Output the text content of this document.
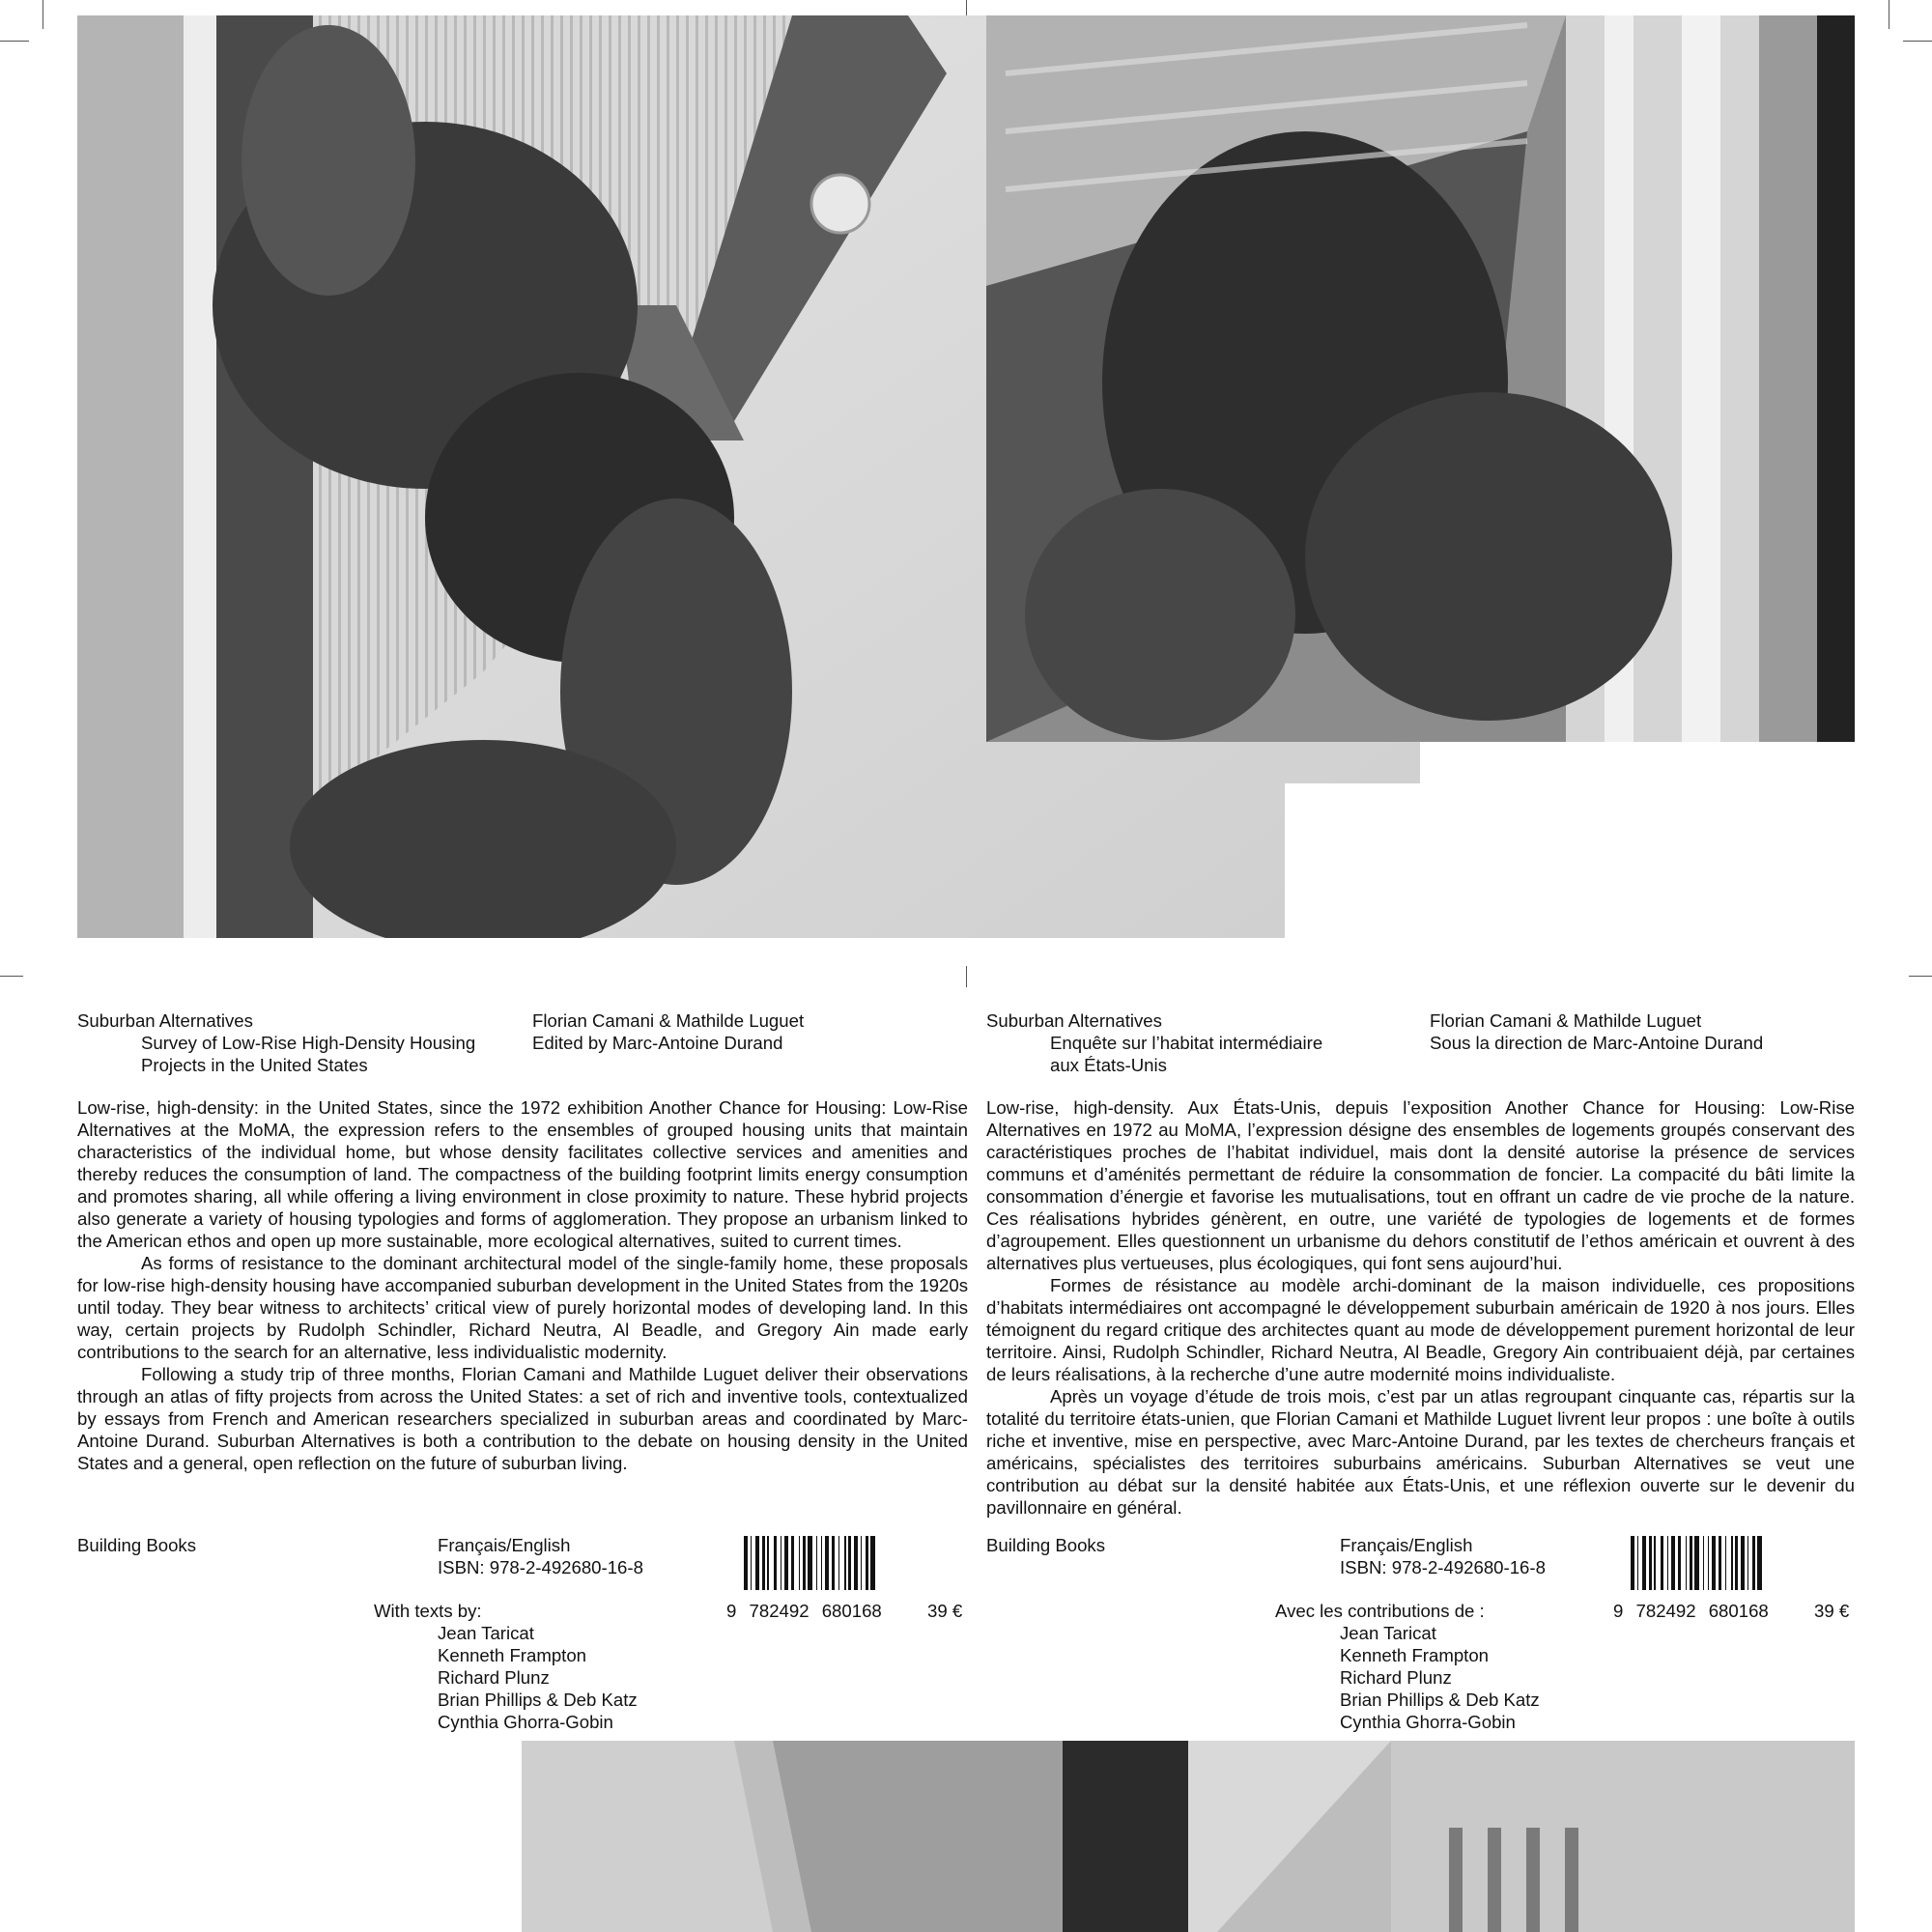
Suburban Alternatives
Survey of Low-Rise High-Density Housing
Projects in the United States
Florian Camani & Mathilde Luguet
Edited by Marc-Antoine Durand

Low-rise, high-density: in the United States, since the 1972 exhibition Another Chance for Housing: Low-Rise Alternatives at the MoMA, the expression refers to the ensembles of grouped housing units that maintain characteristics of the individual home, but whose density facilitates collective services and amenities and thereby reduces the consumption of land. The compactness of the building footprint limits energy consumption and promotes sharing, all while offering a living environment in close proximity to nature. These hybrid projects also generate a variety of housing typologies and forms of agglomeration. They propose an urbanism linked to the American ethos and open up more sustainable, more ecological alternatives, suited to current times.

As forms of resistance to the dominant architectural model of the single-family home, these proposals for low-rise high-density housing have accompanied suburban development in the United States from the 1920s until today. They bear witness to architects’ critical view of purely horizontal modes of developing land. In this way, certain projects by Rudolph Schindler, Richard Neutra, Al Beadle, and Gregory Ain made early contributions to the search for an alternative, less individualistic modernity.

Following a study trip of three months, Florian Camani and Mathilde Luguet deliver their observations through an atlas of fifty projects from across the United States: a set of rich and inventive tools, contextualized by essays from French and American researchers specialized in suburban areas and coordinated by Marc-Antoine Durand. Suburban Alternatives is both a contribution to the debate on housing density in the United States and a general, open reflection on the future of suburban living.

Building Books	Français/English
ISBN: 978-2-492680-16-8
With texts by:
Jean Taricat
Kenneth Frampton
Richard Plunz
Brian Phillips & Deb Katz
Cynthia Ghorra-Gobin
9 782492 680168	39 €
Suburban Alternatives
Enquête sur l’habitat intermédiaire
aux États-Unis
Florian Camani & Mathilde Luguet
Sous la direction de Marc-Antoine Durand

Low-rise, high-density. Aux États-Unis, depuis l’exposition Another Chance for Housing: Low-Rise Alternatives en 1972 au MoMA, l’expression désigne des ensembles de logements groupés conservant des caractéristiques proches de l’habitat individuel, mais dont la densité autorise la présence de services communs et d’aménités permettant de réduire la consommation de foncier. La compacité du bâti limite la consommation d’énergie et favorise les mutualisations, tout en offrant un cadre de vie proche de la nature. Ces réalisations hybrides génèrent, en outre, une variété de typologies de logements et de formes d’agroupement. Elles questionnent un urbanisme du dehors constitutif de l’ethos américain et ouvrent à des alternatives plus vertueuses, plus écologiques, qui font sens aujourd’hui.

Formes de résistance au modèle archi-dominant de la maison individuelle, ces propositions d’habitats intermédiaires ont accompagné le développement suburbain américain de 1920 à nos jours. Elles témoignent du regard critique des architectes quant au mode de développement purement horizontal de leur territoire. Ainsi, Rudolph Schindler, Richard Neutra, Al Beadle, Gregory Ain contribuaient déjà, par certaines de leurs réalisations, à la recherche d’une autre modernité moins individualiste.

Après un voyage d’étude de trois mois, c’est par un atlas regroupant cinquante cas, répartis sur la totalité du territoire états-unien, que Florian Camani et Mathilde Luguet livrent leur propos : une boîte à outils riche et inventive, mise en perspective, avec Marc-Antoine Durand, par les textes de chercheurs français et américains, spécialistes des territoires suburbains américains. Suburban Alternatives se veut une contribution au débat sur la densité habitée aux États-Unis, et une réflexion ouverte sur le devenir du pavillonnaire en général.

Building Books	Français/English
ISBN: 978-2-492680-16-8
Avec les contributions de :
Jean Taricat
Kenneth Frampton
Richard Plunz
Brian Phillips & Deb Katz
Cynthia Ghorra-Gobin
9 782492 680168	39 €
